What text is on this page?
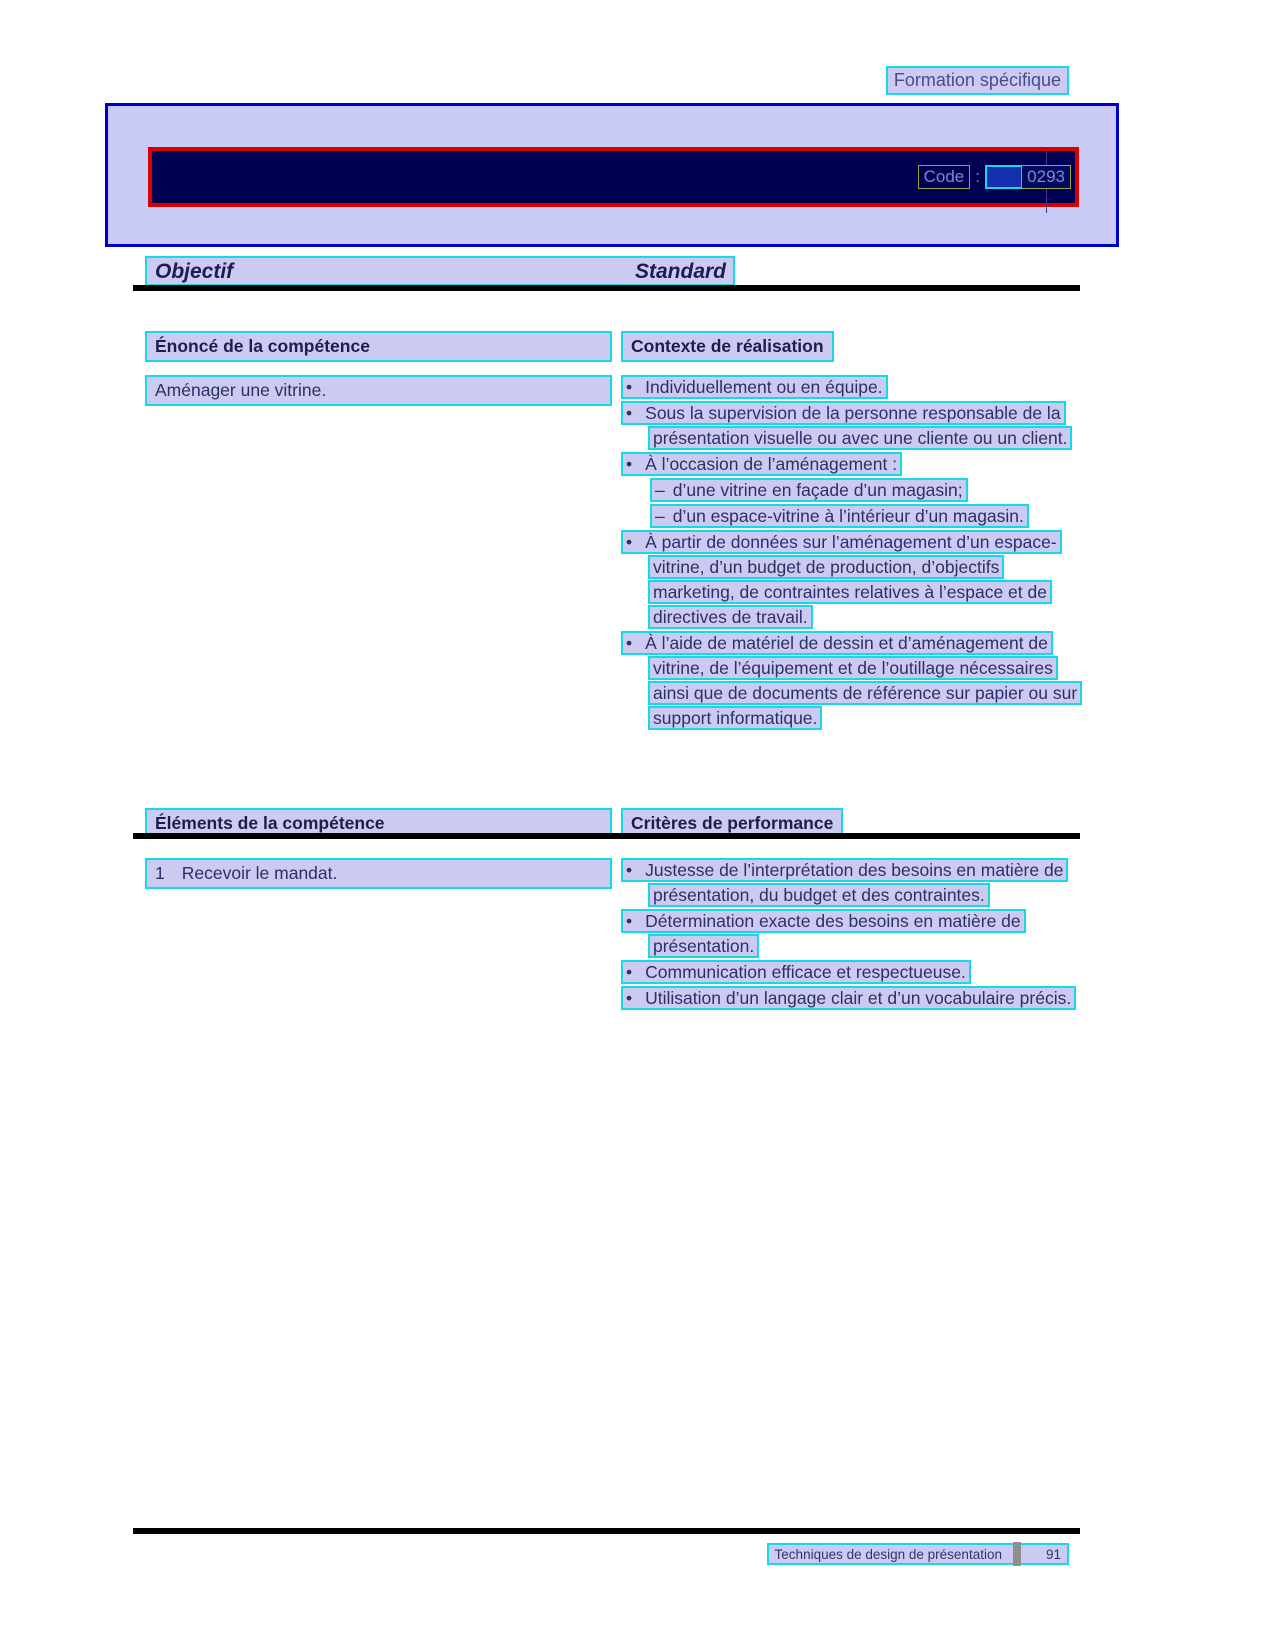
Formation spécifique
Code :	0293
Objectif	Standard
Énoncé de la compétence	Contexte de réalisation
Aménager une vitrine.	• Individuellement ou en équipe.
• Sous la supervision de la personne responsable de la présentation visuelle ou avec une cliente ou un client.
• À l’occasion de l’aménagement :
– d’une vitrine en façade d’un magasin;
– d’un espace-vitrine à l’intérieur d’un magasin.
• À partir de données sur l’aménagement d’un espace-vitrine, d’un budget de production, d’objectifs marketing, de contraintes relatives à l’espace et de directives de travail.
• À l’aide de matériel de dessin et d’aménagement de vitrine, de l’équipement et de l’outillage nécessaires ainsi que de documents de référence sur papier ou sur support informatique.
Éléments de la compétence	Critères de performance
1 Recevoir le mandat.	• Justesse de l’interprétation des besoins en matière de présentation, du budget et des contraintes.
• Détermination exacte des besoins en matière de présentation.
• Communication efficace et respectueuse.
• Utilisation d’un langage clair et d’un vocabulaire précis.
Techniques de design de présentation	91
